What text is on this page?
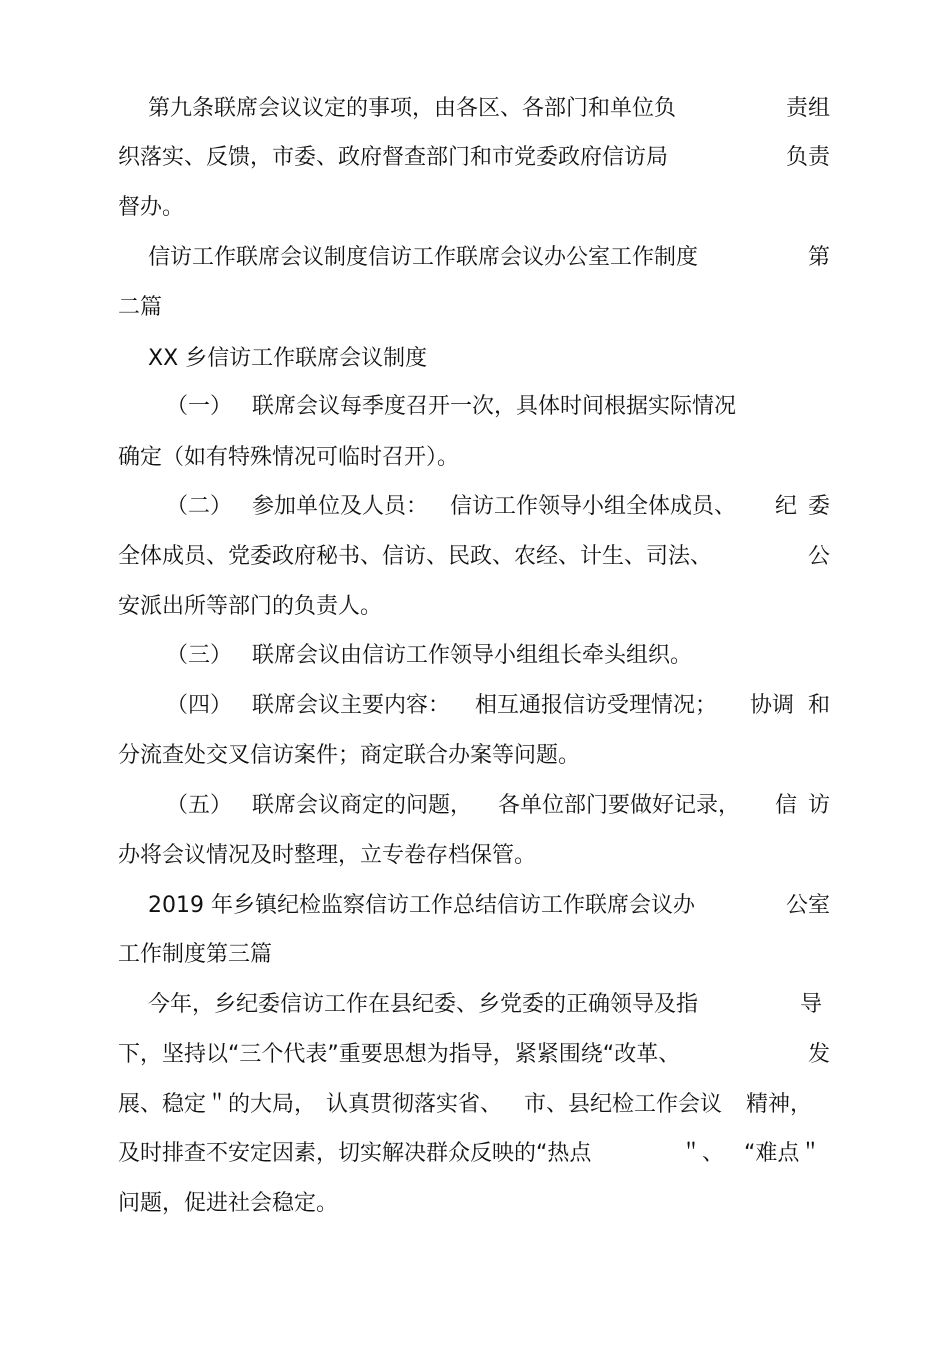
第九条联席会议议定的事项，由各区、各部门和单位负	责组
织落实、反馈，市委、政府督查部门和市党委政府信访局	负责
督办。
信访工作联席会议制度信访工作联席会议办公室工作制度	第
二篇
XX 乡信访工作联席会议制度
（一） 联席会议每季度召开一次，具体时间根据实际情况
确定（如有特殊情况可临时召开）。
（二） 参加单位及人员： 信访工作领导小组全体成员、 纪 委
全体成员、党委政府秘书、信访、民政、农经、计生、司法、	公
安派出所等部门的负责人。
（三） 联席会议由信访工作领导小组组长牵头组织。
（四） 联席会议主要内容： 相互通报信访受理情况； 协调 和
分流查处交叉信访案件；商定联合办案等问题。
（五） 联席会议商定的问题， 各单位部门要做好记录， 信 访
办将会议情况及时整理，立专卷存档保管。
2019 年乡镇纪检监察信访工作总结信访工作联席会议办	公室
工作制度第三篇
今年，乡纪委信访工作在县纪委、乡党委的正确领导及指	导
下，坚持以“三个代表”重要思想为指导，紧紧围绕“改革、	发
展、稳定＂的大局， 认真贯彻落实省、 市、县纪检工作会议 精神，
及时排查不安定因素，切实解决群众反映的“热点	＂、 “难点＂
问题，促进社会稳定。
